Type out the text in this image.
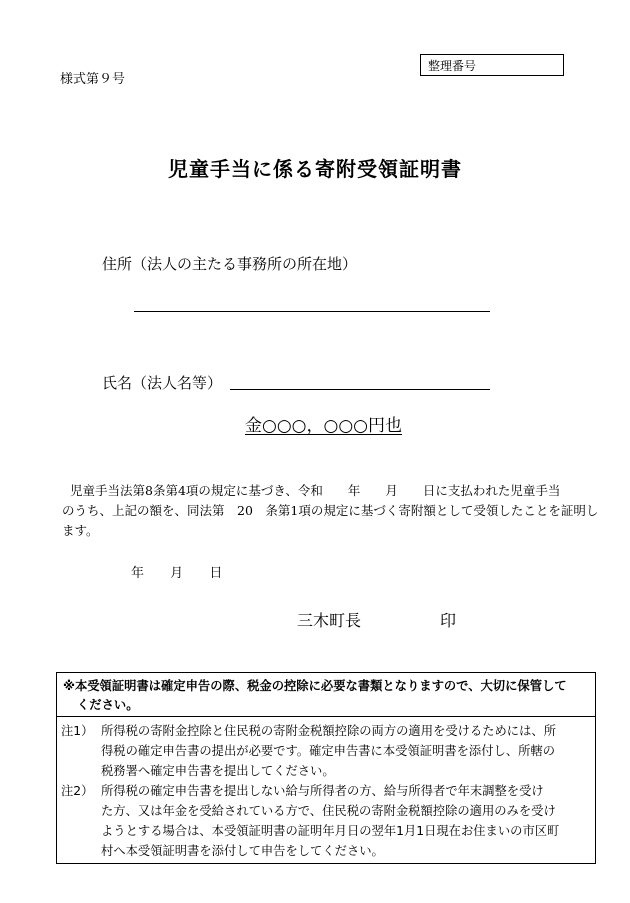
様式第９号
整理番号
児童手当に係る寄附受領証明書
住所（法人の主たる事務所の所在地）
氏名（法人名等）
金○○○，○○○円也
児童手当法第8条第4項の規定に基づき、令和　　年　　月　　日に支払われた児童手当
のうち、上記の額を、同法第　20　条第1項の規定に基づく寄附額として受領したことを証明し
ます。
年 月 日
三木町長	印
※本受領証明書は確定申告の際、税金の控除に必要な書類となりますので、大切に保管して
ください。
注1） 所得税の寄附金控除と住民税の寄附金税額控除の両方の適用を受けるためには、所
得税の確定申告書の提出が必要です。確定申告書に本受領証明書を添付し、所轄の
税務署へ確定申告書を提出してください。
注2） 所得税の確定申告書を提出しない給与所得者の方、給与所得者で年末調整を受け
た方、又は年金を受給されている方で、住民税の寄附金税額控除の適用のみを受け
ようとする場合は、本受領証明書の証明年月日の翌年1月1日現在お住まいの市区町
村へ本受領証明書を添付して申告をしてください。
